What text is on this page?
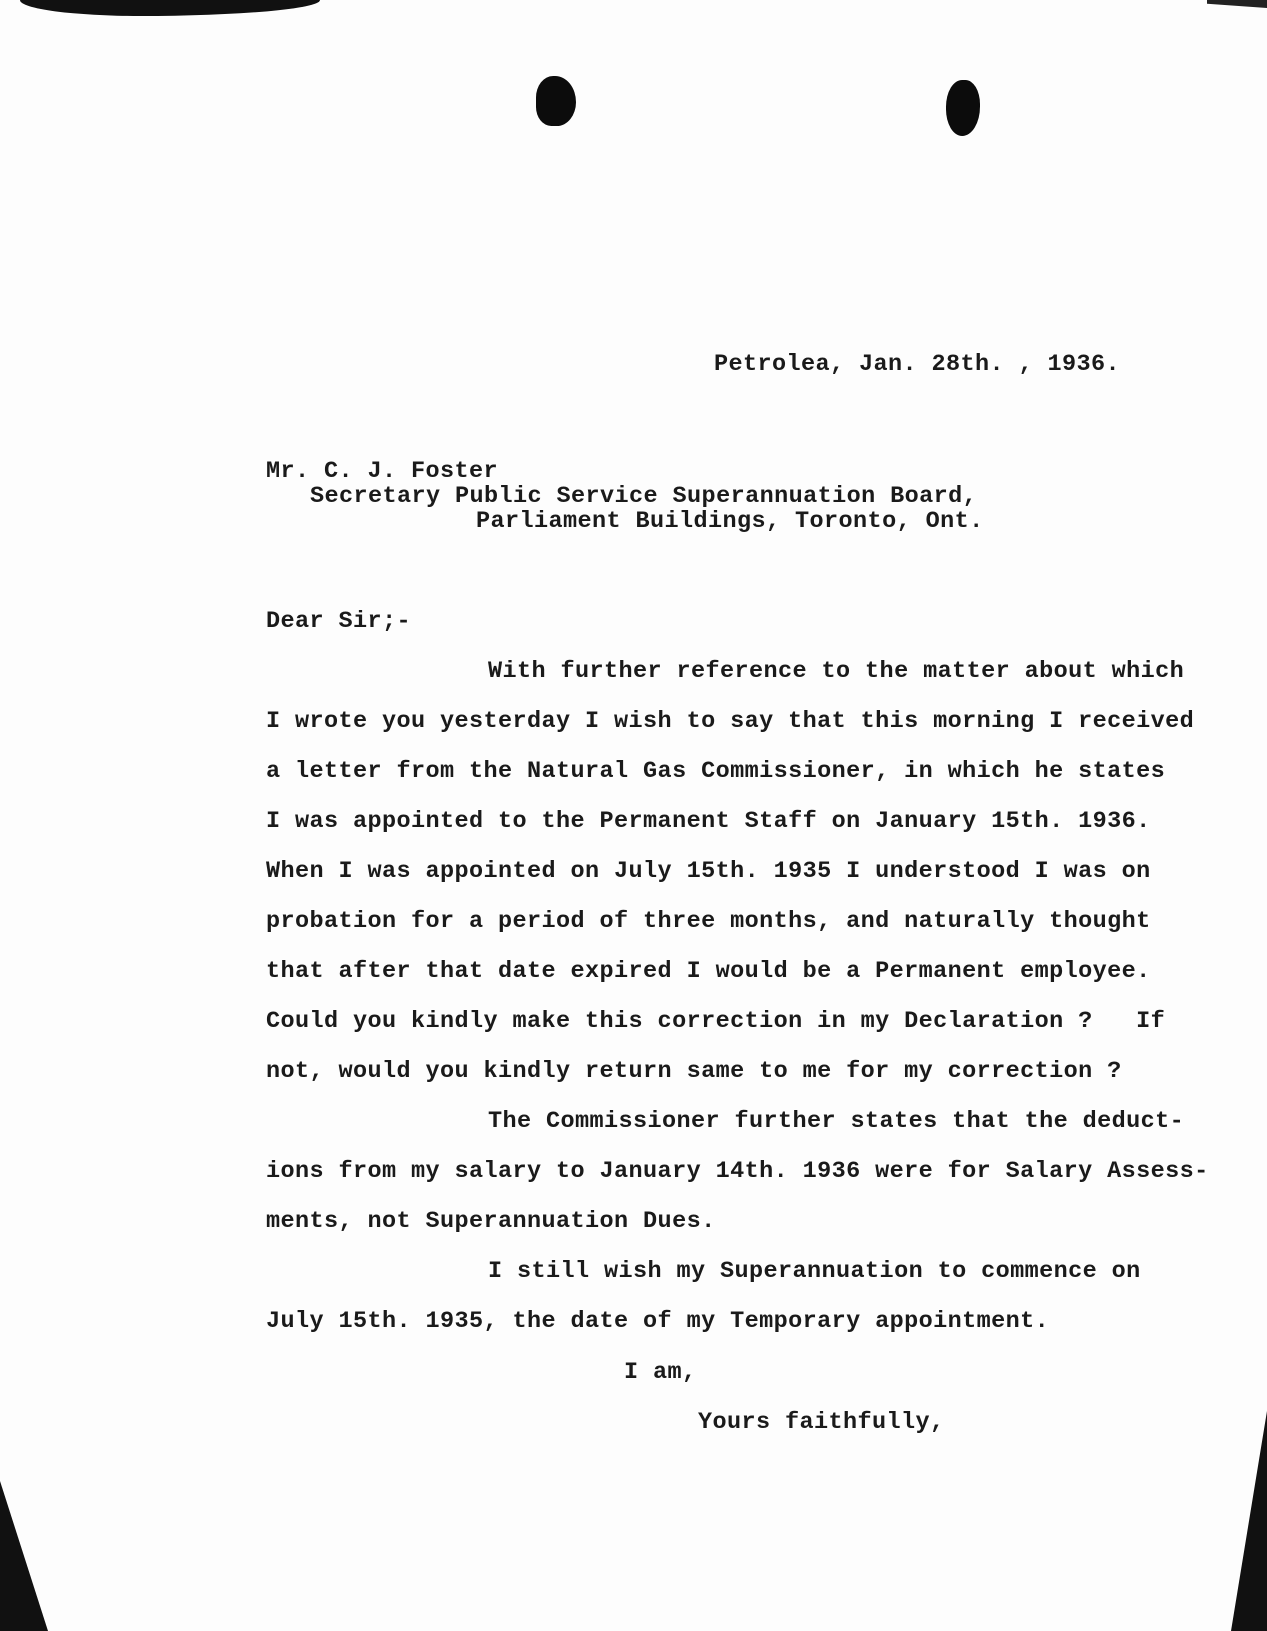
Petrolea, Jan. 28th. , 1936.
Mr. C. J. Foster
Secretary Public Service Superannuation Board,
Parliament Buildings, Toronto, Ont.
Dear Sir;-
With further reference to the matter about which
I wrote you yesterday I wish to say that this morning I received
a letter from the Natural Gas Commissioner, in which he states
I was appointed to the Permanent Staff on January 15th. 1936.
When I was appointed on July 15th. 1935 I understood I was on
probation for a period of three months, and naturally thought
that after that date expired I would be a Permanent employee.
Could you kindly make this correction in my Declaration ?   If
not, would you kindly return same to me for my correction ?
The Commissioner further states that the deduct-
ions from my salary to January 14th. 1936 were for Salary Assess-
ments, not Superannuation Dues.
I still wish my Superannuation to commence on
July 15th. 1935, the date of my Temporary appointment.
I am,
Yours faithfully,
